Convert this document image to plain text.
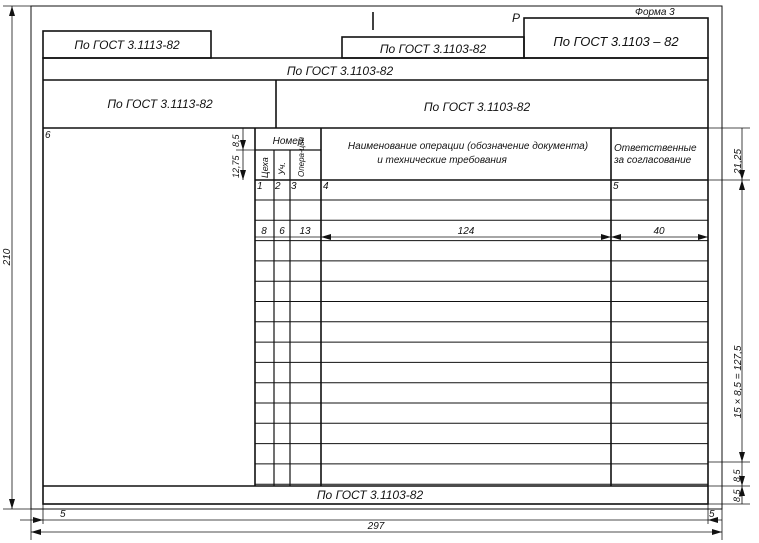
Форма 3
Р
По ГОСТ 3.1113-82	По ГОСТ 3.1103-82	По ГОСТ 3.1103 – 82
По ГОСТ 3.1103-82
По ГОСТ 3.1113-82	По ГОСТ 3.1103-82
По ГОСТ 3.1103-82
6
Номер
Цеха Уч. Опера-ции	Наименование операции (обозначение документа)
и технические требования
Ответственные
за согласование
1 2 3	4	5
8 6 13	124	40
8,5
12,75
210
297
5	5
21,25
15 × 8,5 = 127,5
8,5
8,5
